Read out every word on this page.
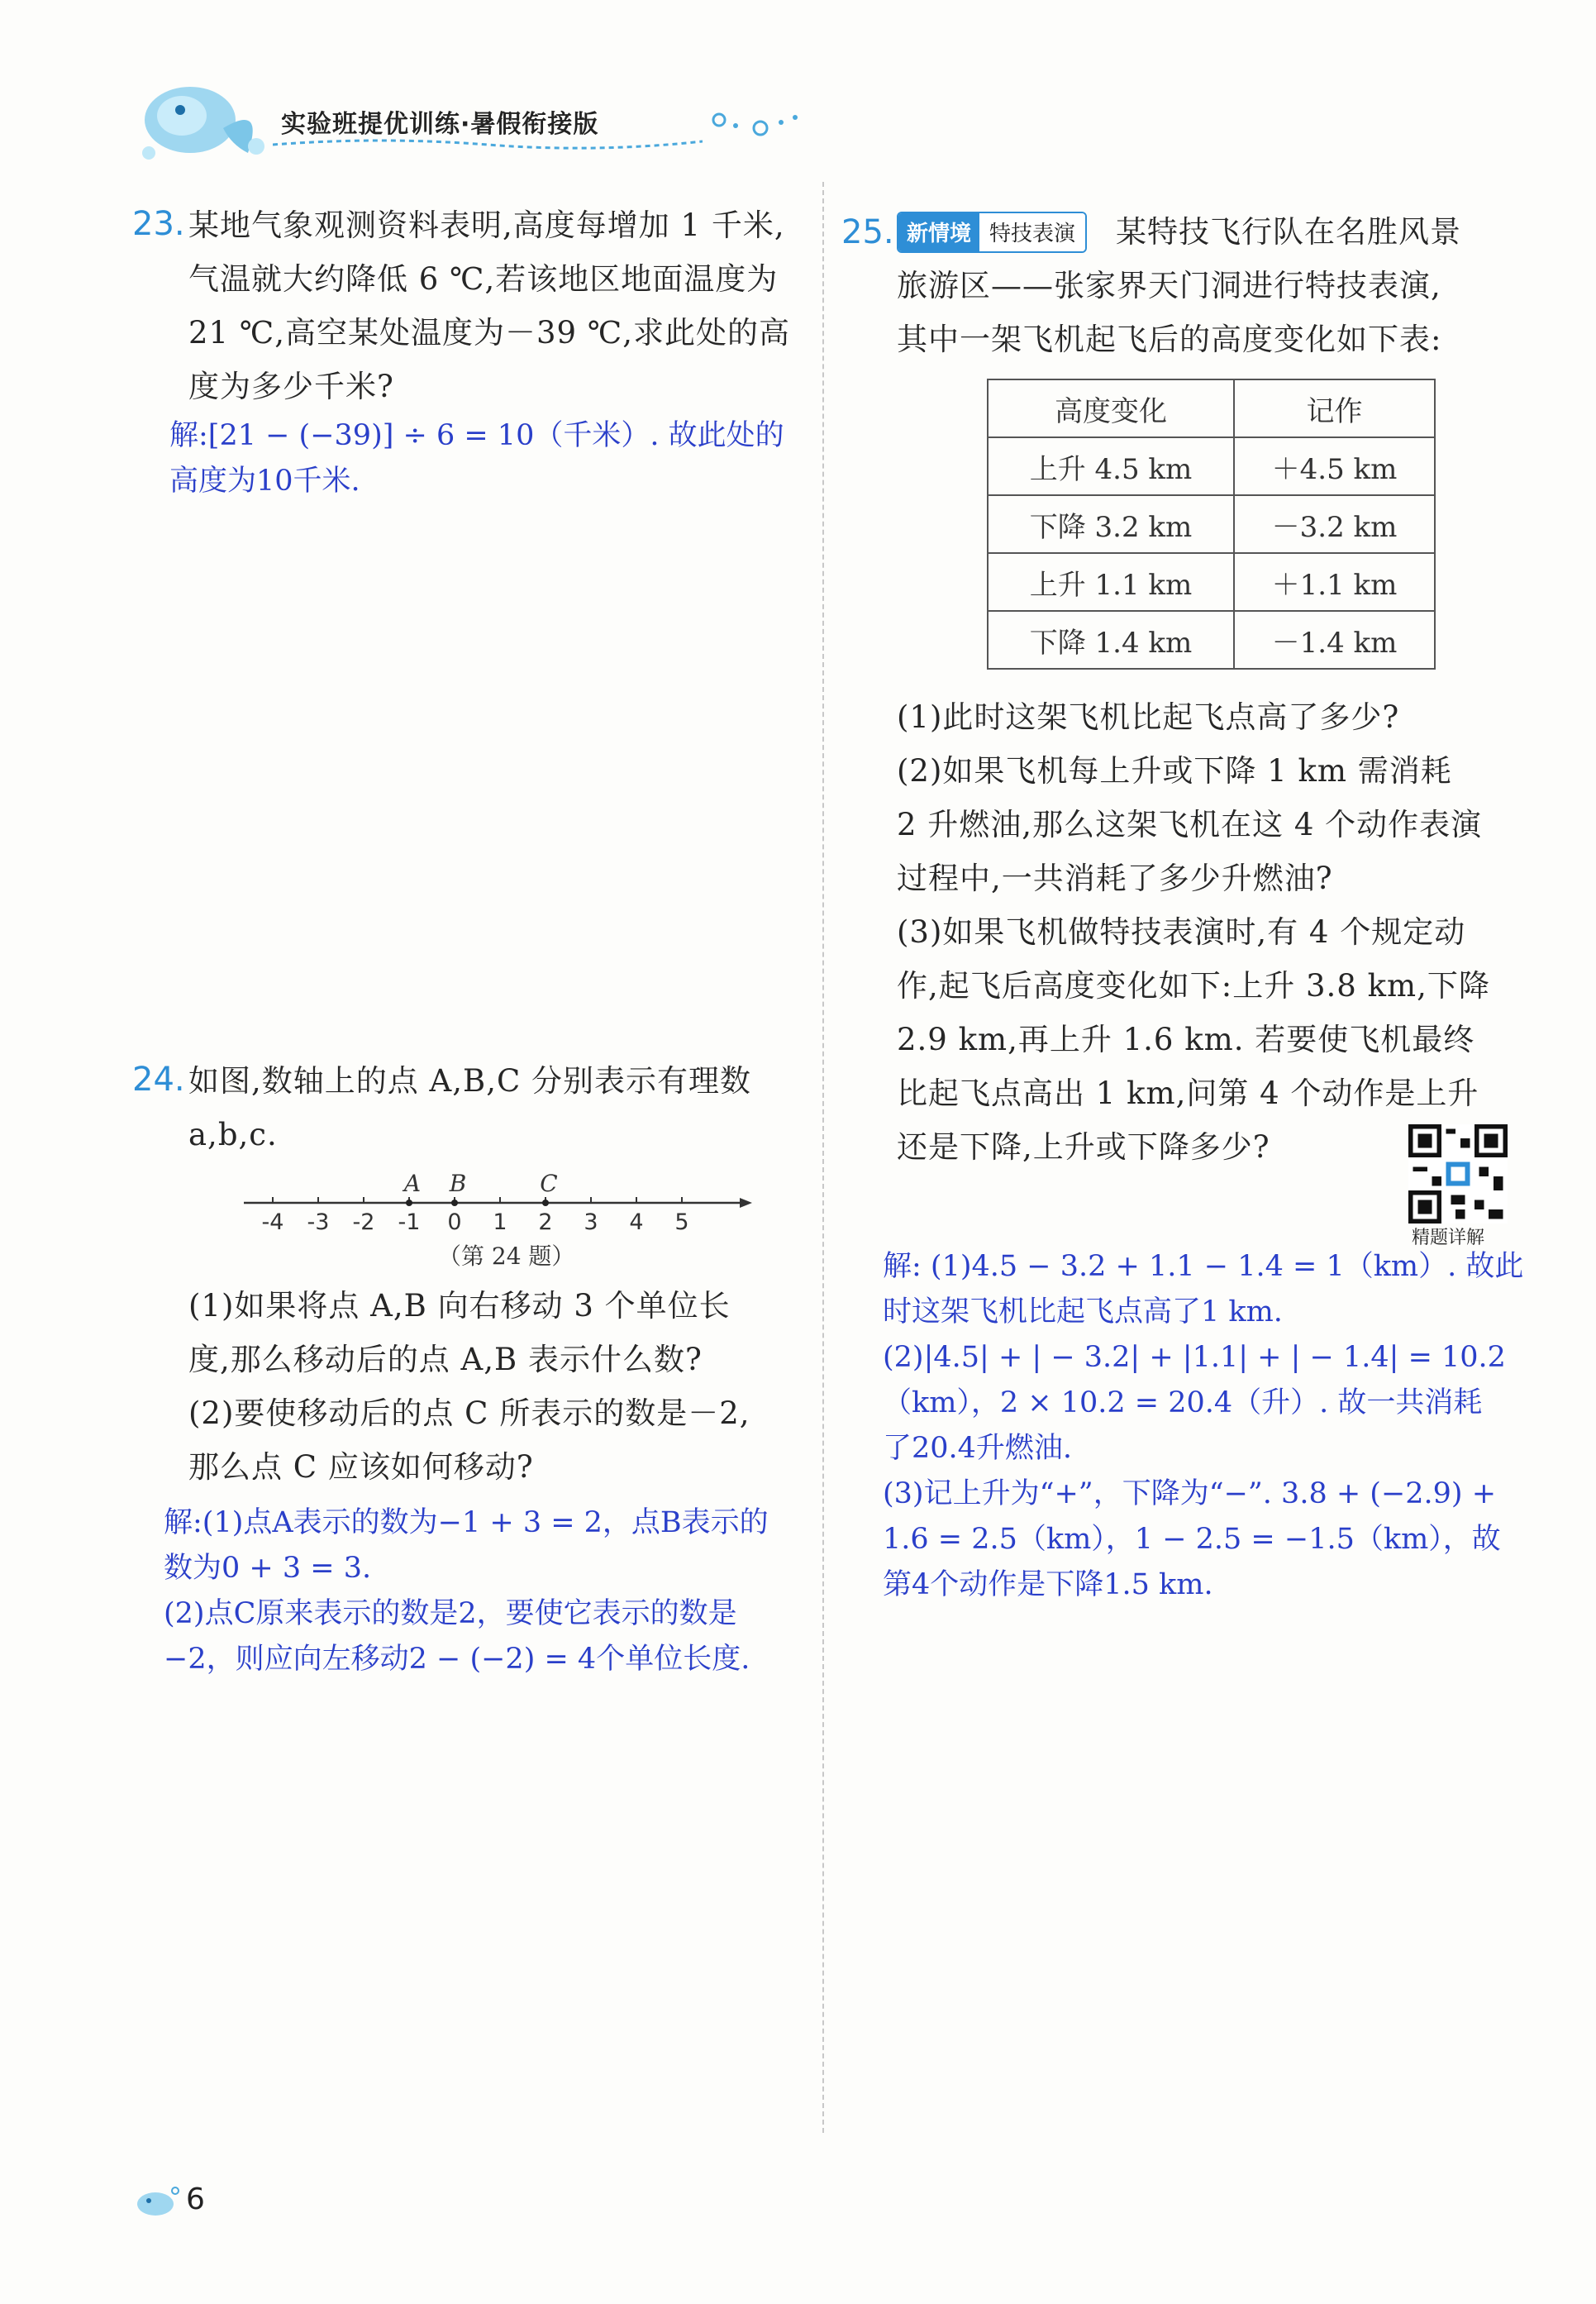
实验班提优训练·暑假衔接版
23. 某地气象观测资料表明,高度每增加 1 千米,
气温就大约降低 6 ℃,若该地区地面温度为
21 ℃,高空某处温度为－39 ℃,求此处的高
度为多少千米?
解:[21 − (−39)] ÷ 6 = 10（千米）. 故此处的
高度为10千米.
24. 如图,数轴上的点 A,B,C 分别表示有理数
a,b,c.
-4 -3 -2 -1 0 1 2 3 4 5
A B	C
（第 24 题）
(1)如果将点 A,B 向右移动 3 个单位长
度,那么移动后的点 A,B 表示什么数?
(2)要使移动后的点 C 所表示的数是－2,
那么点 C 应该如何移动?
解:(1)点A表示的数为−1 + 3 = 2，点B表示的
数为0 + 3 = 3.
(2)点C原来表示的数是2，要使它表示的数是
−2，则应向左移动2 − (−2) = 4个单位长度.
25. 新情境 特技表演	某特技飞行队在名胜风景
旅游区——张家界天门洞进行特技表演,
其中一架飞机起飞后的高度变化如下表:
高度变化	记作
上升 4.5 km	＋4.5 km
下降 3.2 km	－3.2 km
上升 1.1 km	＋1.1 km
下降 1.4 km	－1.4 km
(1)此时这架飞机比起飞点高了多少?
(2)如果飞机每上升或下降 1 km 需消耗
2 升燃油,那么这架飞机在这 4 个动作表演
过程中,一共消耗了多少升燃油?
(3)如果飞机做特技表演时,有 4 个规定动
作,起飞后高度变化如下:上升 3.8 km,下降
2.9 km,再上升 1.6 km. 若要使飞机最终
比起飞点高出 1 km,问第 4 个动作是上升
还是下降,上升或下降多少?
精题详解
解: (1)4.5 − 3.2 + 1.1 − 1.4 = 1（km）. 故此
时这架飞机比起飞点高了1 km.
(2)|4.5| + | − 3.2| + |1.1| + | − 1.4| = 10.2
（km），2 × 10.2 = 20.4（升）. 故一共消耗
了20.4升燃油.
(3)记上升为“+”，下降为“−”. 3.8 + (−2.9) +
1.6 = 2.5（km），1 − 2.5 = −1.5（km），故
第4个动作是下降1.5 km.
6
